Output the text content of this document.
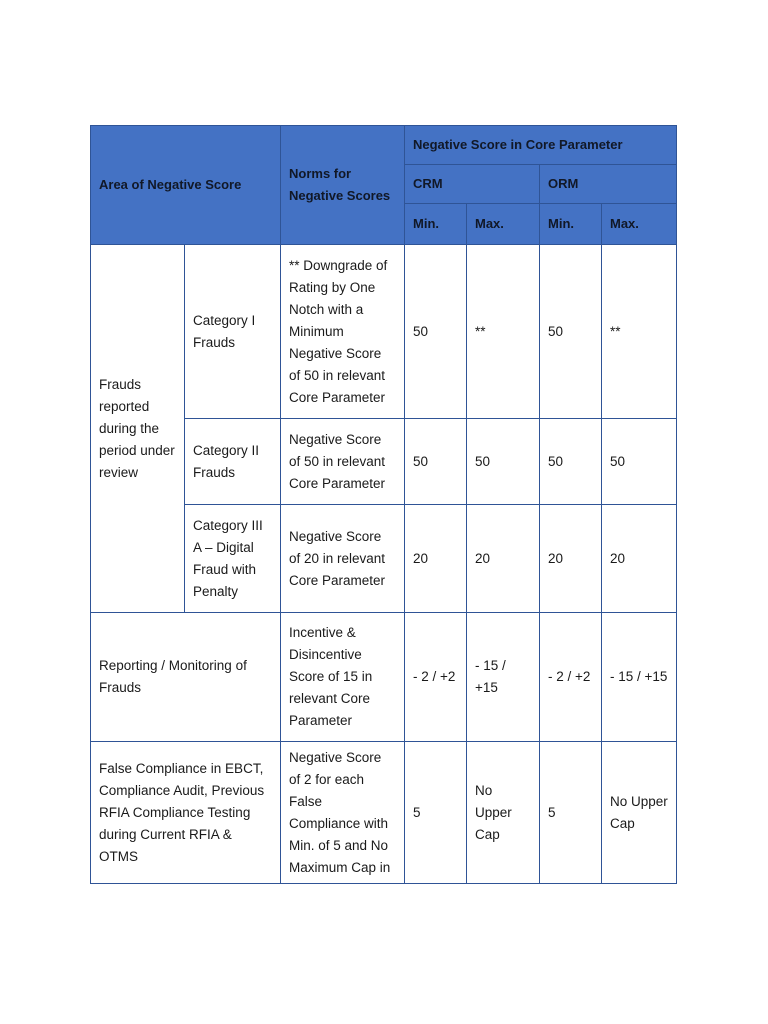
Area of Negative Score		Norms for Negative Scores	Negative Score in Core Parameter			
			CRM		ORM	
			Min.	Max.	Min.	Max.
Frauds reported during the period under review	Category I Frauds	** Downgrade of Rating by One Notch with a Minimum Negative Score of 50 in relevant Core Parameter	50	**	50	**
	Category II Frauds	Negative Score of 50 in relevant Core Parameter	50	50	50	50
	Category III A – Digital Fraud with Penalty	Negative Score of 20 in relevant Core Parameter	20	20	20	20
Reporting / Monitoring of Frauds		Incentive & Disincentive Score of 15 in relevant Core Parameter	- 2 / +2	- 15 / +15	- 2 / +2	- 15 / +15
False Compliance in EBCT, Compliance Audit, Previous RFIA Compliance Testing during Current RFIA & OTMS		Negative Score of 2 for each False Compliance with Min. of 5 and No Maximum Cap in	5	No Upper Cap	5	No Upper Cap
